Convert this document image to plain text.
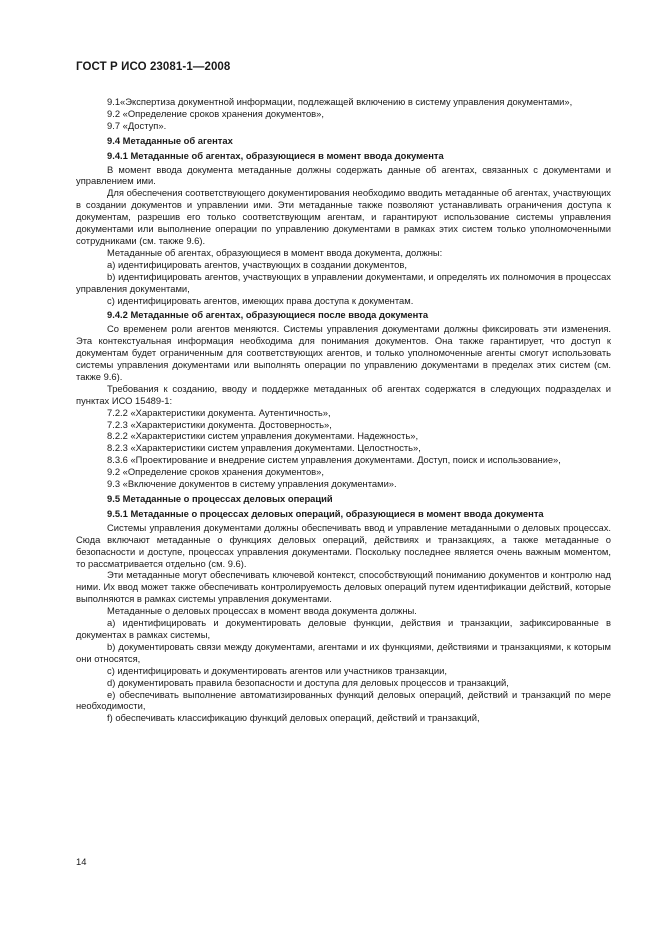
ГОСТ Р ИСО 23081-1—2008

9.1«Экспертиза документной информации, подлежащей включению в систему управления документами»,

9.2 «Определение сроков хранения документов»,

9.7 «Доступ».

9.4 Метаданные об агентах

9.4.1 Метаданные об агентах, образующиеся в момент ввода документа

В момент ввода документа метаданные должны содержать данные об агентах, связанных с документами и управлением ими.

Для обеспечения соответствующего документирования необходимо вводить метаданные об агентах, участвующих в создании документов и управлении ими. Эти метаданные также позволяют устанавливать ограничения доступа к документам, разрешив его только соответствующим агентам, и гарантируют использование системы управления документами или выполнение операции по управлению документами в рамках этих систем только уполномоченными сотрудниками (см. также 9.6).

Метаданные об агентах, образующиеся в момент ввода документа, должны:

a) идентифицировать агентов, участвующих в создании документов,

b) идентифицировать агентов, участвующих в управлении документами, и определять их полномочия в процессах управления документами,

c) идентифицировать агентов, имеющих права доступа к документам.

9.4.2 Метаданные об агентах, образующиеся после ввода документа

Со временем роли агентов меняются. Системы управления документами должны фиксировать эти изменения. Эта контекстуальная информация необходима для понимания документов. Она также гарантирует, что доступ к документам будет ограниченным для соответствующих агентов, и только уполномоченные агенты смогут использовать системы управления документами или выполнять операции по управлению документами в пределах этих систем (см. также 9.6).

Требования к созданию, вводу и поддержке метаданных об агентах содержатся в следующих подразделах и пунктах ИСО 15489-1:

7.2.2 «Характеристики документа. Аутентичность»,

7.2.3 «Характеристики документа. Достоверность»,

8.2.2 «Характеристики систем управления документами. Надежность»,

8.2.3 «Характеристики систем управления документами. Целостность»,

8.3.6 «Проектирование и внедрение систем управления документами. Доступ, поиск и использование»,

9.2 «Определение сроков хранения документов»,

9.3 «Включение документов в систему управления документами».

9.5 Метаданные о процессах деловых операций

9.5.1 Метаданные о процессах деловых операций, образующиеся в момент ввода документа

Системы управления документами должны обеспечивать ввод и управление метаданными о деловых процессах. Сюда включают метаданные о функциях деловых операций, действиях и транзакциях, а также метаданные о безопасности и доступе, процессах управления документами. Поскольку последнее является очень важным моментом, то рассматривается отдельно (см. 9.6).

Эти метаданные могут обеспечивать ключевой контекст, способствующий пониманию документов и контролю над ними. Их ввод может также обеспечивать контролируемость деловых операций путем идентификации действий, которые выполняются в рамках системы управления документами.

Метаданные о деловых процессах в момент ввода документа должны.

a) идентифицировать и документировать деловые функции, действия и транзакции, зафиксированные в документах в рамках системы,

b) документировать связи между документами, агентами и их функциями, действиями и транзакциями, к которым они относятся,

c) идентифицировать и документировать агентов или участников транзакции,

d) документировать правила безопасности и доступа для деловых процессов и транзакций,

e) обеспечивать выполнение автоматизированных функций деловых операций, действий и транзакций по мере необходимости,

f) обеспечивать классификацию функций деловых операций, действий и транзакций,

14
